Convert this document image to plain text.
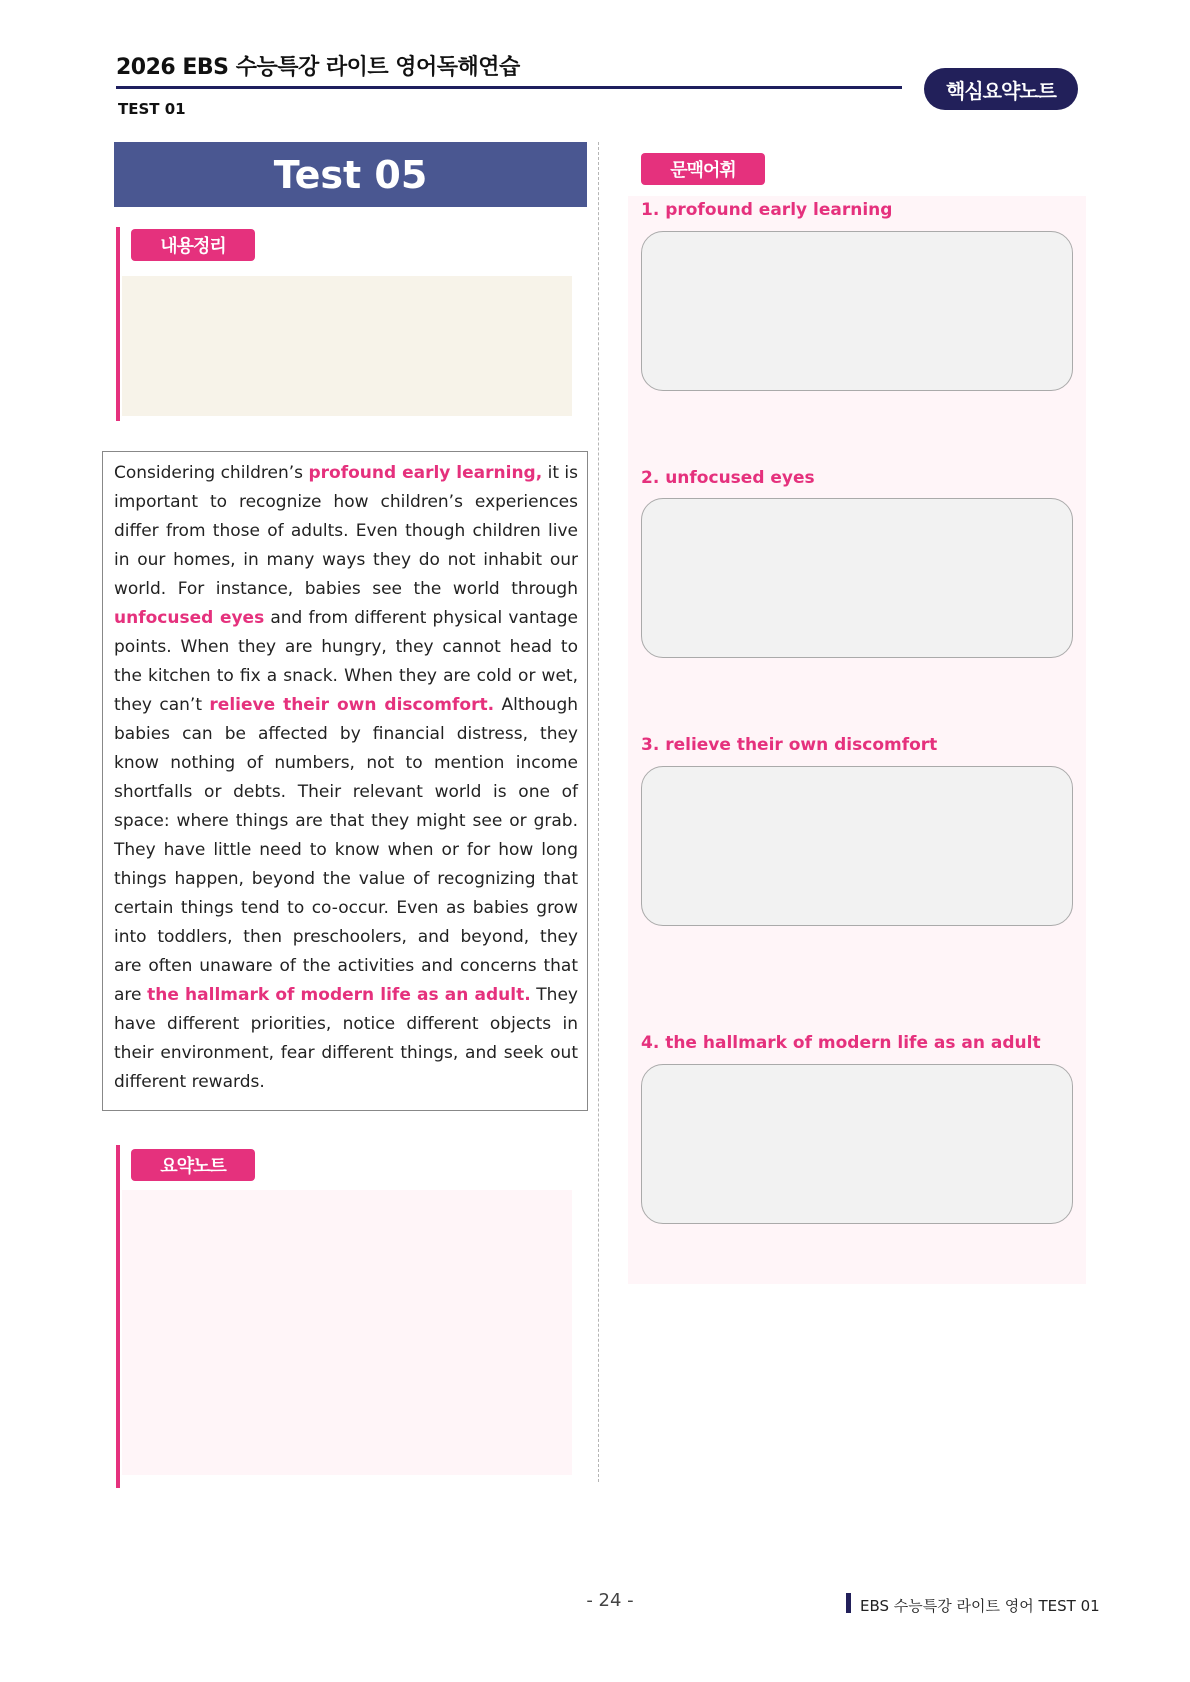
2026 EBS 수능특강 라이트 영어독해연습
TEST 01
핵심요약노트
Test 05
내용정리
Considering children’s profound early learning, it is important to recognize how children’s experiences differ from those of adults. Even though children live in our homes, in many ways they do not inhabit our world. For instance, babies see the world through unfocused eyes and from different physical vantage points. When they are hungry, they cannot head to the kitchen to fix a snack. When they are cold or wet, they can’t relieve their own discomfort. Although babies can be affected by financial distress, they know nothing of numbers, not to mention income shortfalls or debts. Their relevant world is one of space: where things are that they might see or grab. They have little need to know when or for how long things happen, beyond the value of recognizing that certain things tend to co-occur. Even as babies grow into toddlers, then preschoolers, and beyond, they are often unaware of the activities and concerns that are the hallmark of modern life as an adult. They have different priorities, notice different objects in their environment, fear different things, and seek out different rewards.
요약노트
문맥어휘
1. profound early learning
2. unfocused eyes
3. relieve their own discomfort
4. the hallmark of modern life as an adult
- 24 -	EBS 수능특강 라이트 영어 TEST 01
